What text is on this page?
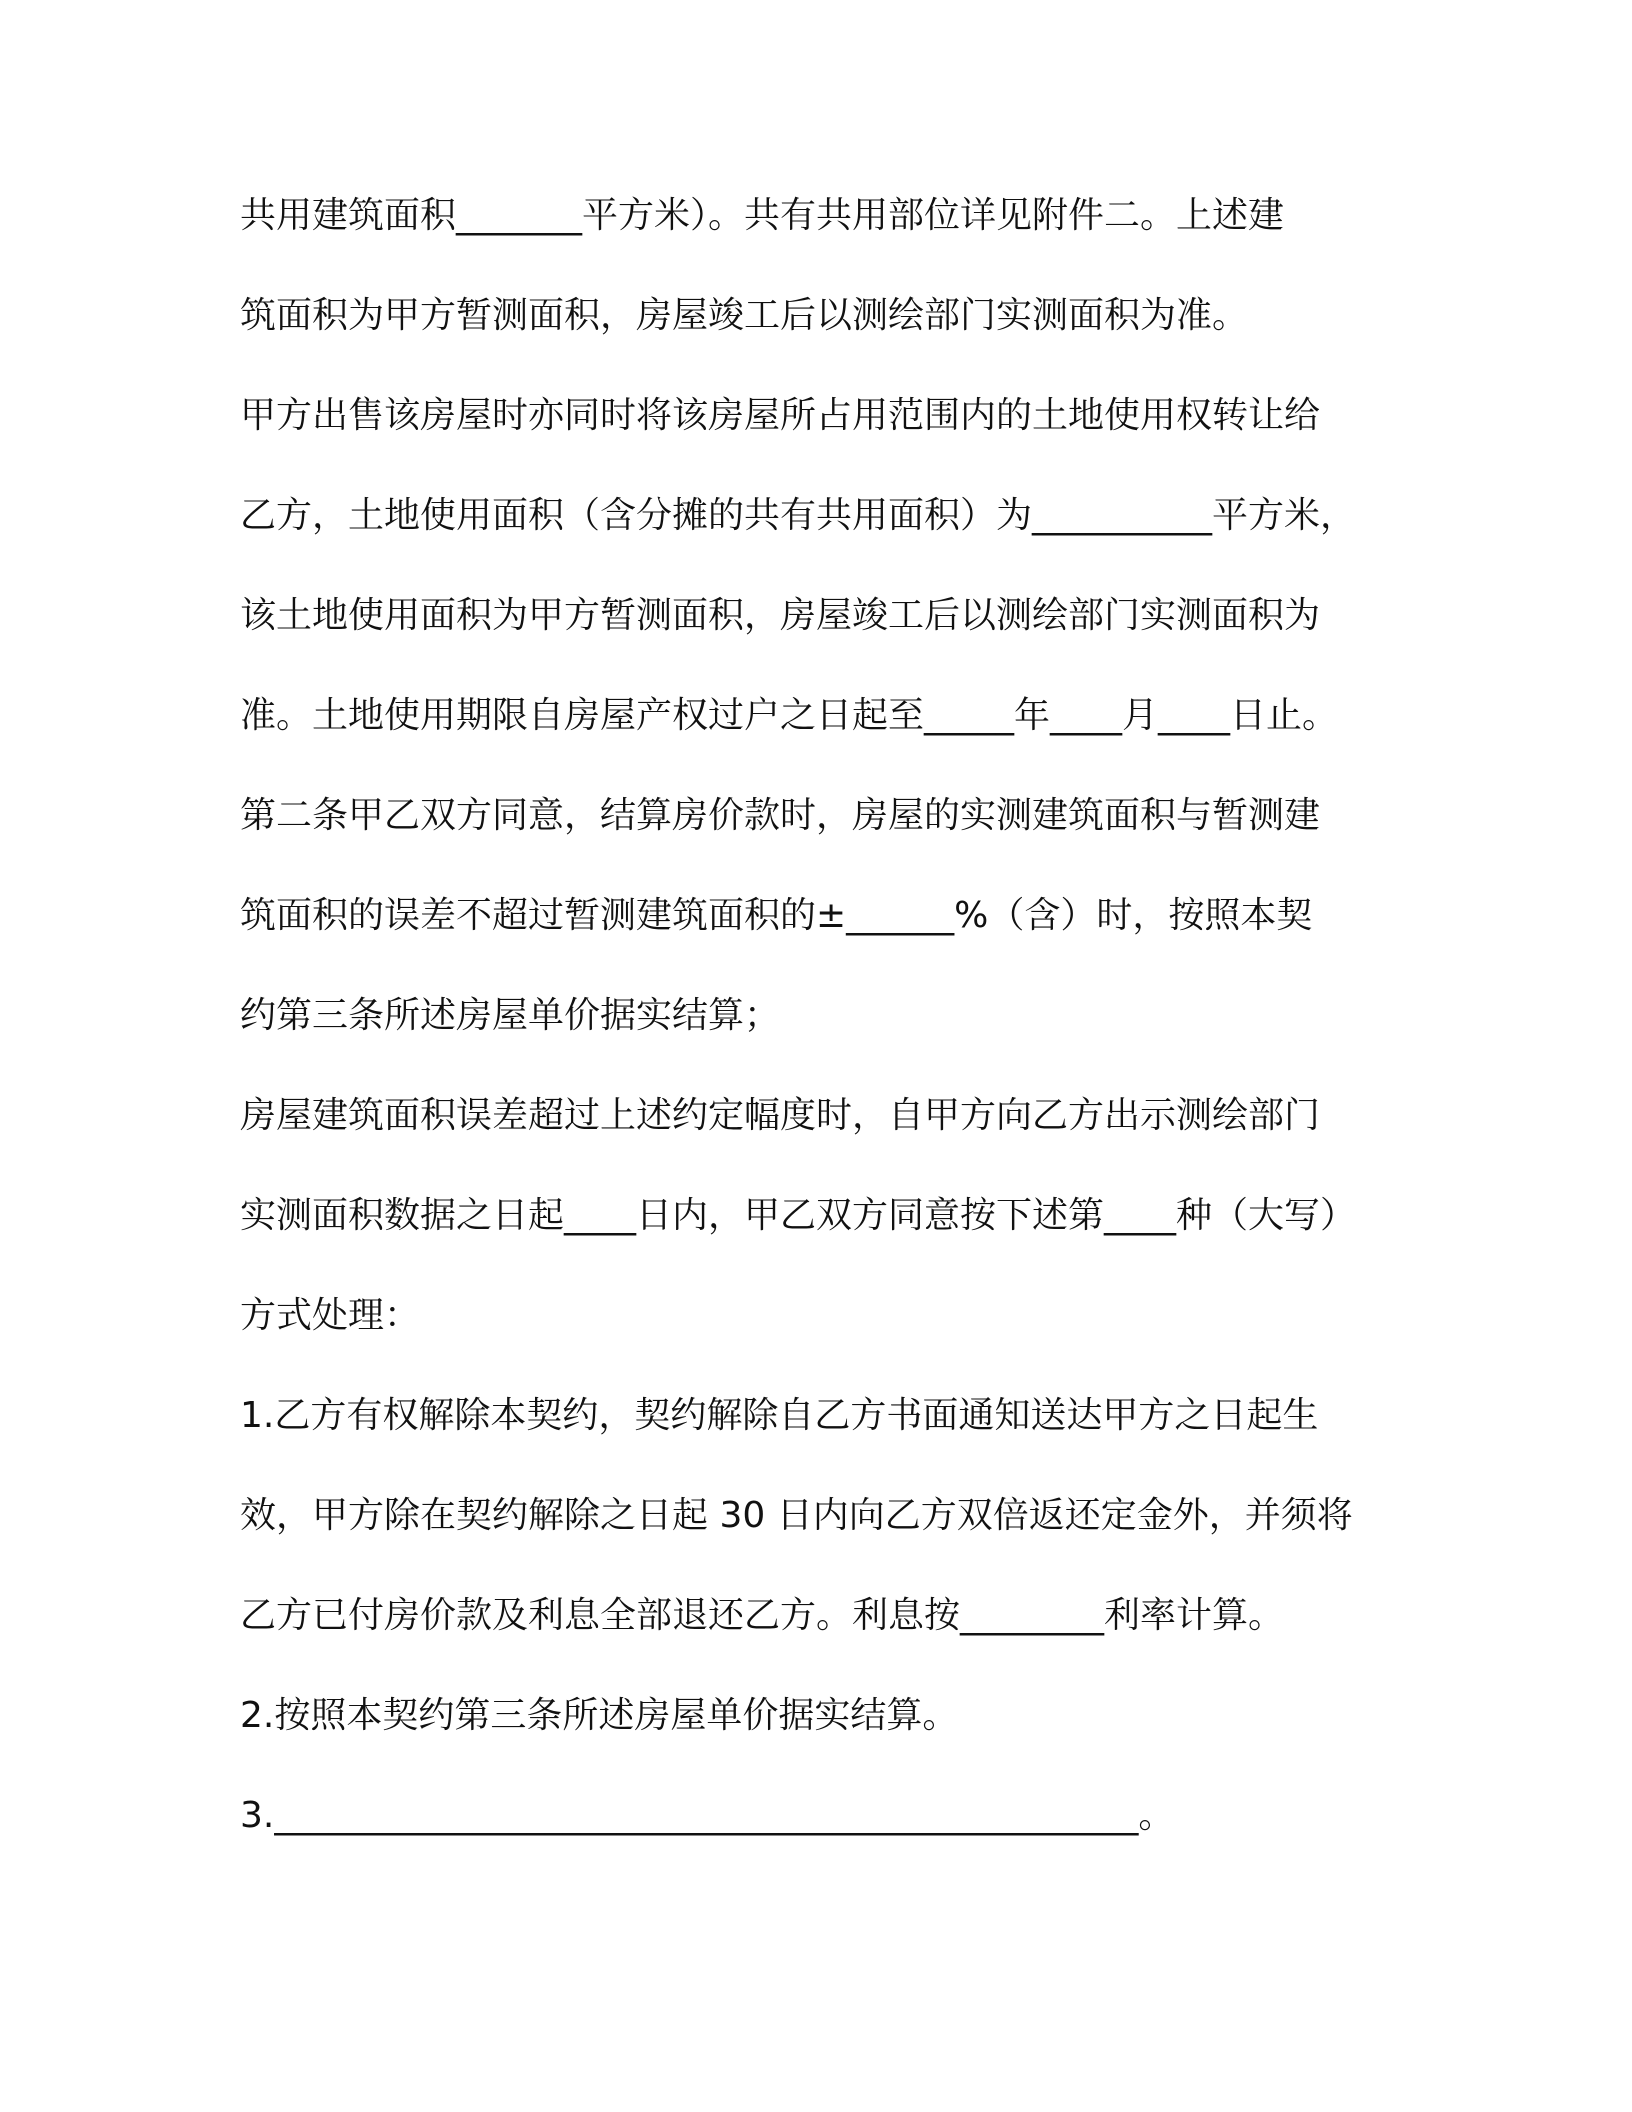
共用建筑面积_______平方米）。共有共用部位详见附件二。上述建
筑面积为甲方暂测面积，房屋竣工后以测绘部门实测面积为准。
甲方出售该房屋时亦同时将该房屋所占用范围内的土地使用权转让给
乙方，土地使用面积（含分摊的共有共用面积）为__________平方米，
该土地使用面积为甲方暂测面积，房屋竣工后以测绘部门实测面积为
准。土地使用期限自房屋产权过户之日起至_____年____月____日止。
第二条甲乙双方同意，结算房价款时，房屋的实测建筑面积与暂测建
筑面积的误差不超过暂测建筑面积的±______%（含）时，按照本契
约第三条所述房屋单价据实结算；
房屋建筑面积误差超过上述约定幅度时，自甲方向乙方出示测绘部门
实测面积数据之日起____日内，甲乙双方同意按下述第____种（大写）
方式处理：
1.乙方有权解除本契约，契约解除自乙方书面通知送达甲方之日起生
效，甲方除在契约解除之日起 30 日内向乙方双倍返还定金外，并须将
乙方已付房价款及利息全部退还乙方。利息按________利率计算。
2.按照本契约第三条所述房屋单价据实结算。
3.________________________________________________。
